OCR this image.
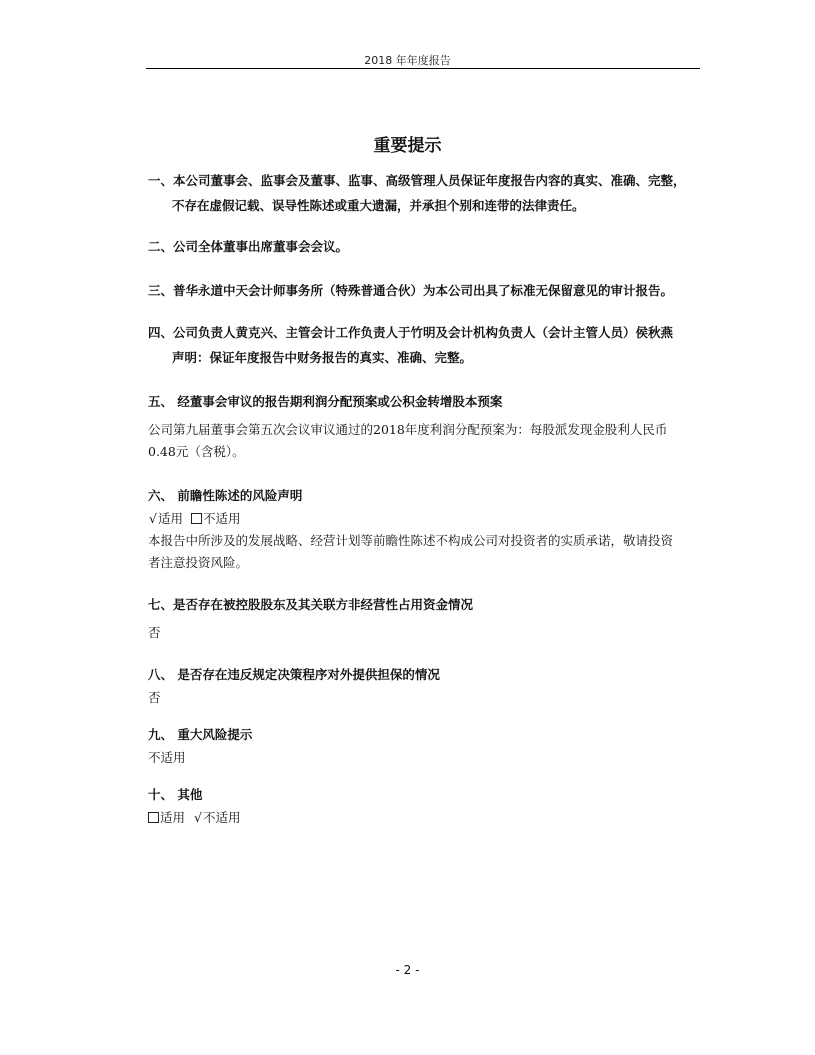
2018 年年度报告
重要提示
一、本公司董事会、监事会及董事、监事、高级管理人员保证年度报告内容的真实、准确、完整，
不存在虚假记载、误导性陈述或重大遗漏，并承担个别和连带的法律责任。
二、公司全体董事出席董事会会议。
三、普华永道中天会计师事务所（特殊普通合伙）为本公司出具了标准无保留意见的审计报告。
四、公司负责人黄克兴、主管会计工作负责人于竹明及会计机构负责人（会计主管人员）侯秋燕
声明：保证年度报告中财务报告的真实、准确、完整。
五、 经董事会审议的报告期利润分配预案或公积金转增股本预案
公司第九届董事会第五次会议审议通过的2018年度利润分配预案为：每股派发现金股利人民币
0.48元（含税）。
六、 前瞻性陈述的风险声明
√适用 不适用
本报告中所涉及的发展战略、经营计划等前瞻性陈述不构成公司对投资者的实质承诺，敬请投资
者注意投资风险。
七、是否存在被控股股东及其关联方非经营性占用资金情况
否
八、 是否存在违反规定决策程序对外提供担保的情况
否
九、 重大风险提示
不适用
十、 其他
适用 √不适用
- 2 -
